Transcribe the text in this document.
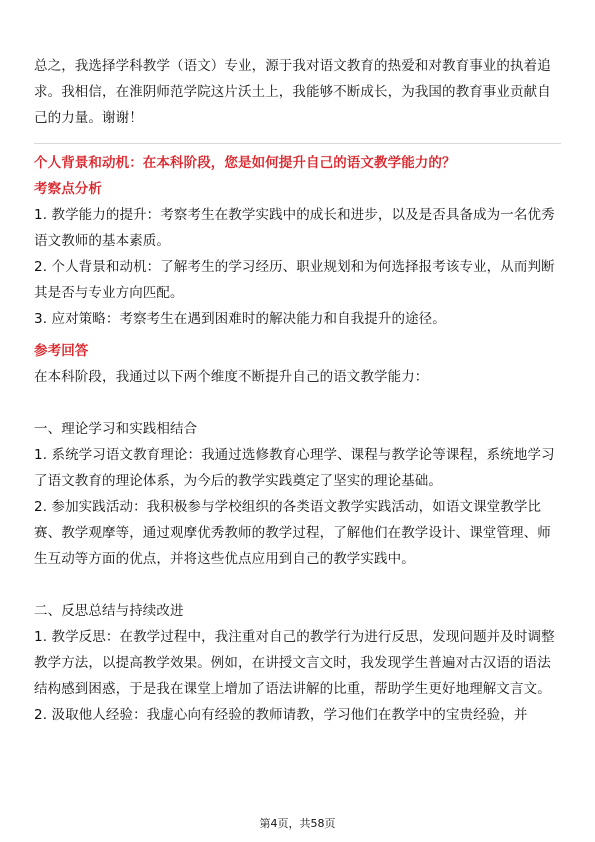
总之，我选择学科教学（语文）专业，源于我对语文教育的热爱和对教育事业的执着追求。我相信，在淮阴师范学院这片沃土上，我能够不断成长，为我国的教育事业贡献自己的力量。谢谢！

个人背景和动机：在本科阶段，您是如何提升自己的语文教学能力的？

考察点分析

1. 教学能力的提升：考察考生在教学实践中的成长和进步，以及是否具备成为一名优秀语文教师的基本素质。

2. 个人背景和动机：了解考生的学习经历、职业规划和为何选择报考该专业，从而判断其是否与专业方向匹配。

3. 应对策略：考察考生在遇到困难时的解决能力和自我提升的途径。

参考回答

在本科阶段，我通过以下两个维度不断提升自己的语文教学能力：

一、理论学习和实践相结合

1. 系统学习语文教育理论：我通过选修教育心理学、课程与教学论等课程，系统地学习了语文教育的理论体系，为今后的教学实践奠定了坚实的理论基础。

2. 参加实践活动：我积极参与学校组织的各类语文教学实践活动，如语文课堂教学比赛、教学观摩等，通过观摩优秀教师的教学过程，了解他们在教学设计、课堂管理、师生互动等方面的优点，并将这些优点应用到自己的教学实践中。

二、反思总结与持续改进

1. 教学反思：在教学过程中，我注重对自己的教学行为进行反思，发现问题并及时调整教学方法，以提高教学效果。例如，在讲授文言文时，我发现学生普遍对古汉语的语法结构感到困惑，于是我在课堂上增加了语法讲解的比重，帮助学生更好地理解文言文。

2. 汲取他人经验：我虚心向有经验的教师请教，学习他们在教学中的宝贵经验，并

第4页，共58页
